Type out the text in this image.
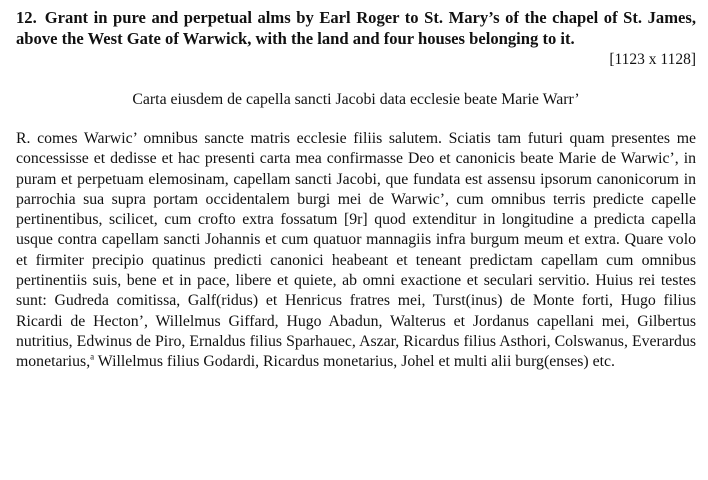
12. Grant in pure and perpetual alms by Earl Roger to St. Mary’s of the chapel of St. James, above the West Gate of Warwick, with the land and four houses belonging to it.

[1123 x 1128]

Carta eiusdem de capella sancti Jacobi data ecclesie beate Marie Warr’

R. comes Warwic’ omnibus sancte matris ecclesie filiis salutem. Sciatis tam futuri quam presentes me concessisse et dedisse et hac presenti carta mea confirmasse Deo et canonicis beate Marie de Warwic’, in puram et perpetuam elemosinam, capellam sancti Jacobi, que fundata est assensu ipsorum canonicorum in parrochia sua supra portam occidentalem burgi mei de Warwic’, cum omnibus terris predicte capelle pertinentibus, scilicet, cum crofto extra fossatum [9r] quod extenditur in longitudine a predicta capella usque contra capellam sancti Johannis et cum quatuor mannagiis infra burgum meum et extra. Quare volo et firmiter precipio quatinus predicti canonici heabeant et teneant predictam capellam cum omnibus pertinentiis suis, bene et in pace, libere et quiete, ab omni exactione et seculari servitio. Huius rei testes sunt: Gudreda comitissa, Galf(ridus) et Henricus fratres mei, Turst(inus) de Monte forti, Hugo filius Ricardi de Hecton’, Willelmus Giffard, Hugo Abadun, Walterus et Jordanus capellani mei, Gilbertus nutritius, Edwinus de Piro, Ernaldus filius Sparhauec, Aszar, Ricardus filius Asthori, Colswanus, Everardus monetarius,$^a$ Willelmus filius Godardi, Ricardus monetarius, Johel et multi alii burg(enses) etc.
